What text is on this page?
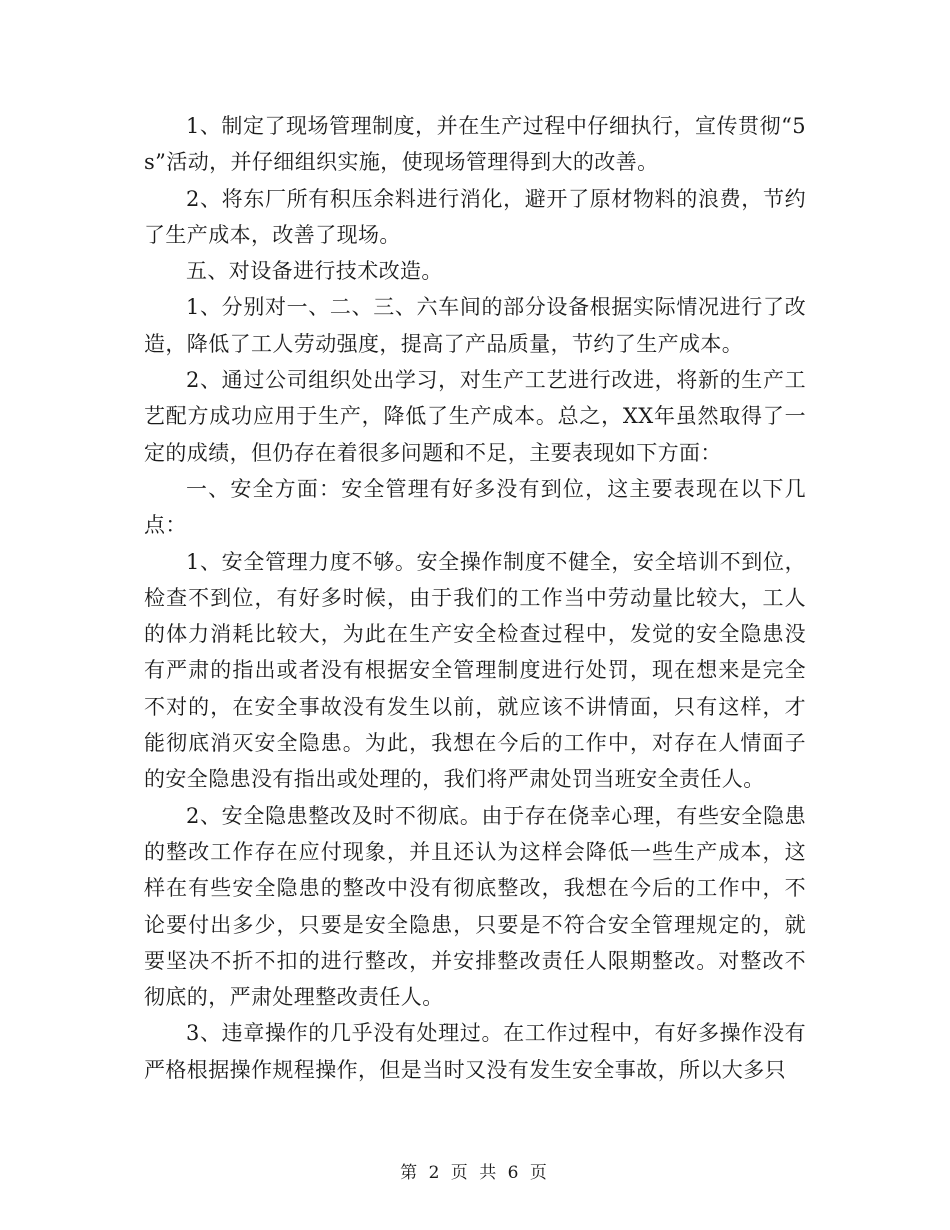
1、制定了现场管理制度，并在生产过程中仔细执行，宣传贯彻“5s”活动，并仔细组织实施，使现场管理得到大的改善。

2、将东厂所有积压余料进行消化，避开了原材物料的浪费，节约了生产成本，改善了现场。

五、对设备进行技术改造。

1、分别对一、二、三、六车间的部分设备根据实际情况进行了改造，降低了工人劳动强度，提高了产品质量，节约了生产成本。

2、通过公司组织处出学习，对生产工艺进行改进，将新的生产工艺配方成功应用于生产，降低了生产成本。总之，XX年虽然取得了一定的成绩，但仍存在着很多问题和不足，主要表现如下方面：

一、安全方面：安全管理有好多没有到位，这主要表现在以下几点：

1、安全管理力度不够。安全操作制度不健全，安全培训不到位，检查不到位，有好多时候，由于我们的工作当中劳动量比较大，工人的体力消耗比较大，为此在生产安全检查过程中，发觉的安全隐患没有严肃的指出或者没有根据安全管理制度进行处罚，现在想来是完全不对的，在安全事故没有发生以前，就应该不讲情面，只有这样，才能彻底消灭安全隐患。为此，我想在今后的工作中，对存在人情面子的安全隐患没有指出或处理的，我们将严肃处罚当班安全责任人。

2、安全隐患整改及时不彻底。由于存在侥幸心理，有些安全隐患的整改工作存在应付现象，并且还认为这样会降低一些生产成本，这样在有些安全隐患的整改中没有彻底整改，我想在今后的工作中，不论要付出多少，只要是安全隐患，只要是不符合安全管理规定的，就要坚决不折不扣的进行整改，并安排整改责任人限期整改。对整改不彻底的，严肃处理整改责任人。

3、违章操作的几乎没有处理过。在工作过程中，有好多操作没有严格根据操作规程操作，但是当时又没有发生安全事故，所以大多只

第 2 页 共 6 页
